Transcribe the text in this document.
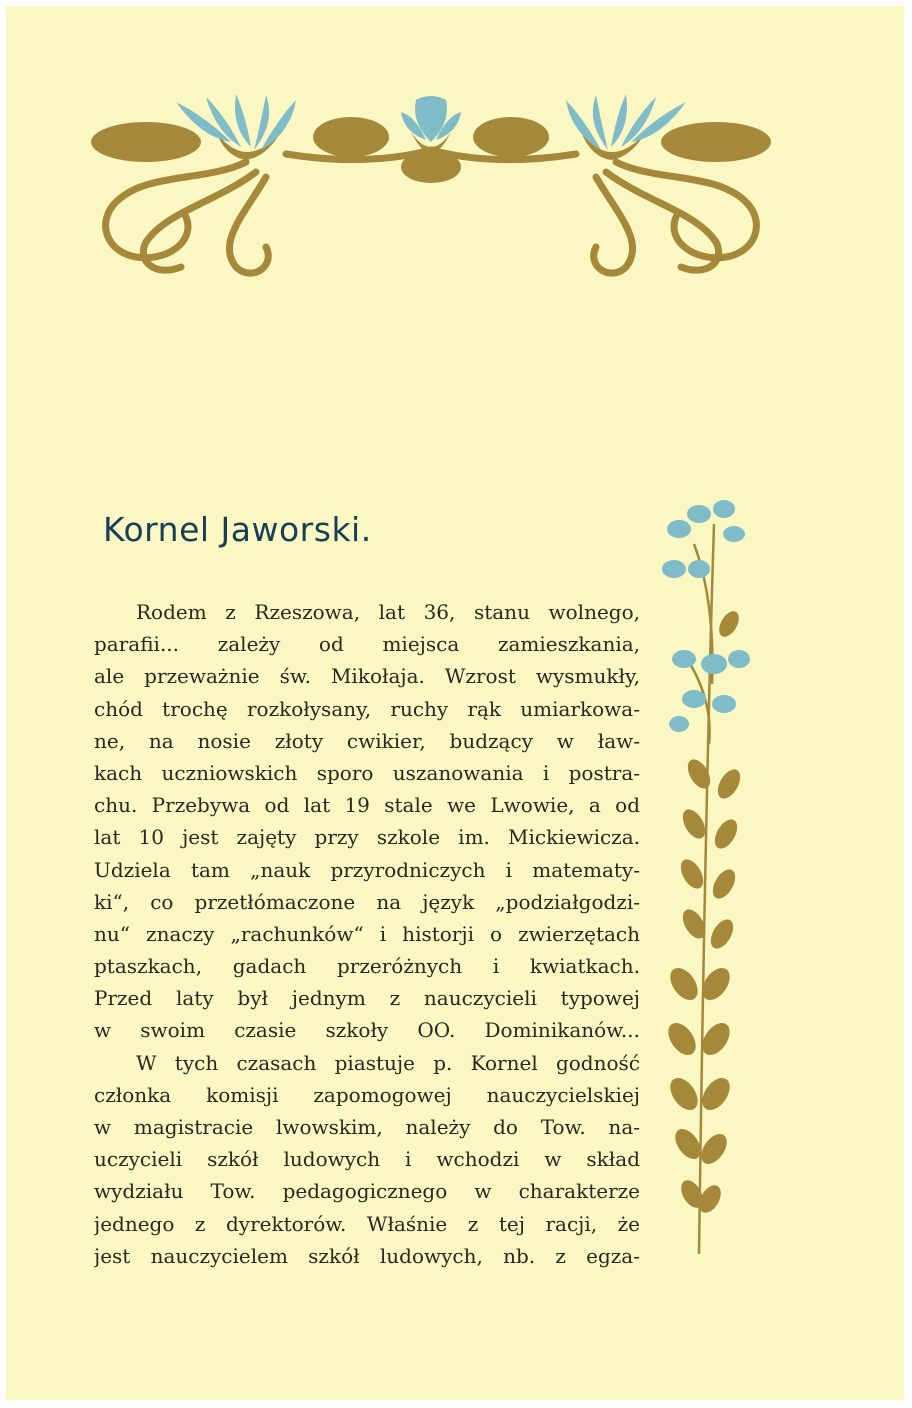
Kornel Jaworski.
Rodem z Rzeszowa, lat 36, stanu wolnego,
parafii... zależy od miejsca zamieszkania,
ale przeważnie św. Mikołaja. Wzrost wysmukły,
chód trochę rozkołysany, ruchy rąk umiarkowa-
ne, na nosie złoty cwikier, budzący w ław-
kach uczniowskich sporo uszanowania i postra-
chu. Przebywa od lat 19 stale we Lwowie, a od
lat 10 jest zajęty przy szkole im. Mickiewicza.
Udziela tam „nauk przyrodniczych i matematy-
ki“, co przetłómaczone na język „podziałgodzi-
nu“ znaczy „rachunków“ i historji o zwierzętach
ptaszkach, gadach przeróżnych i kwiatkach.
Przed laty był jednym z nauczycieli typowej
w swoim czasie szkoły OO. Dominikanów...
W tych czasach piastuje p. Kornel godność
członka komisji zapomogowej nauczycielskiej
w magistracie lwowskim, należy do Tow. na-
uczycieli szkół ludowych i wchodzi w skład
wydziału Tow. pedagogicznego w charakterze
jednego z dyrektorów. Właśnie z tej racji, że
jest nauczycielem szkół ludowych, nb. z egza-
